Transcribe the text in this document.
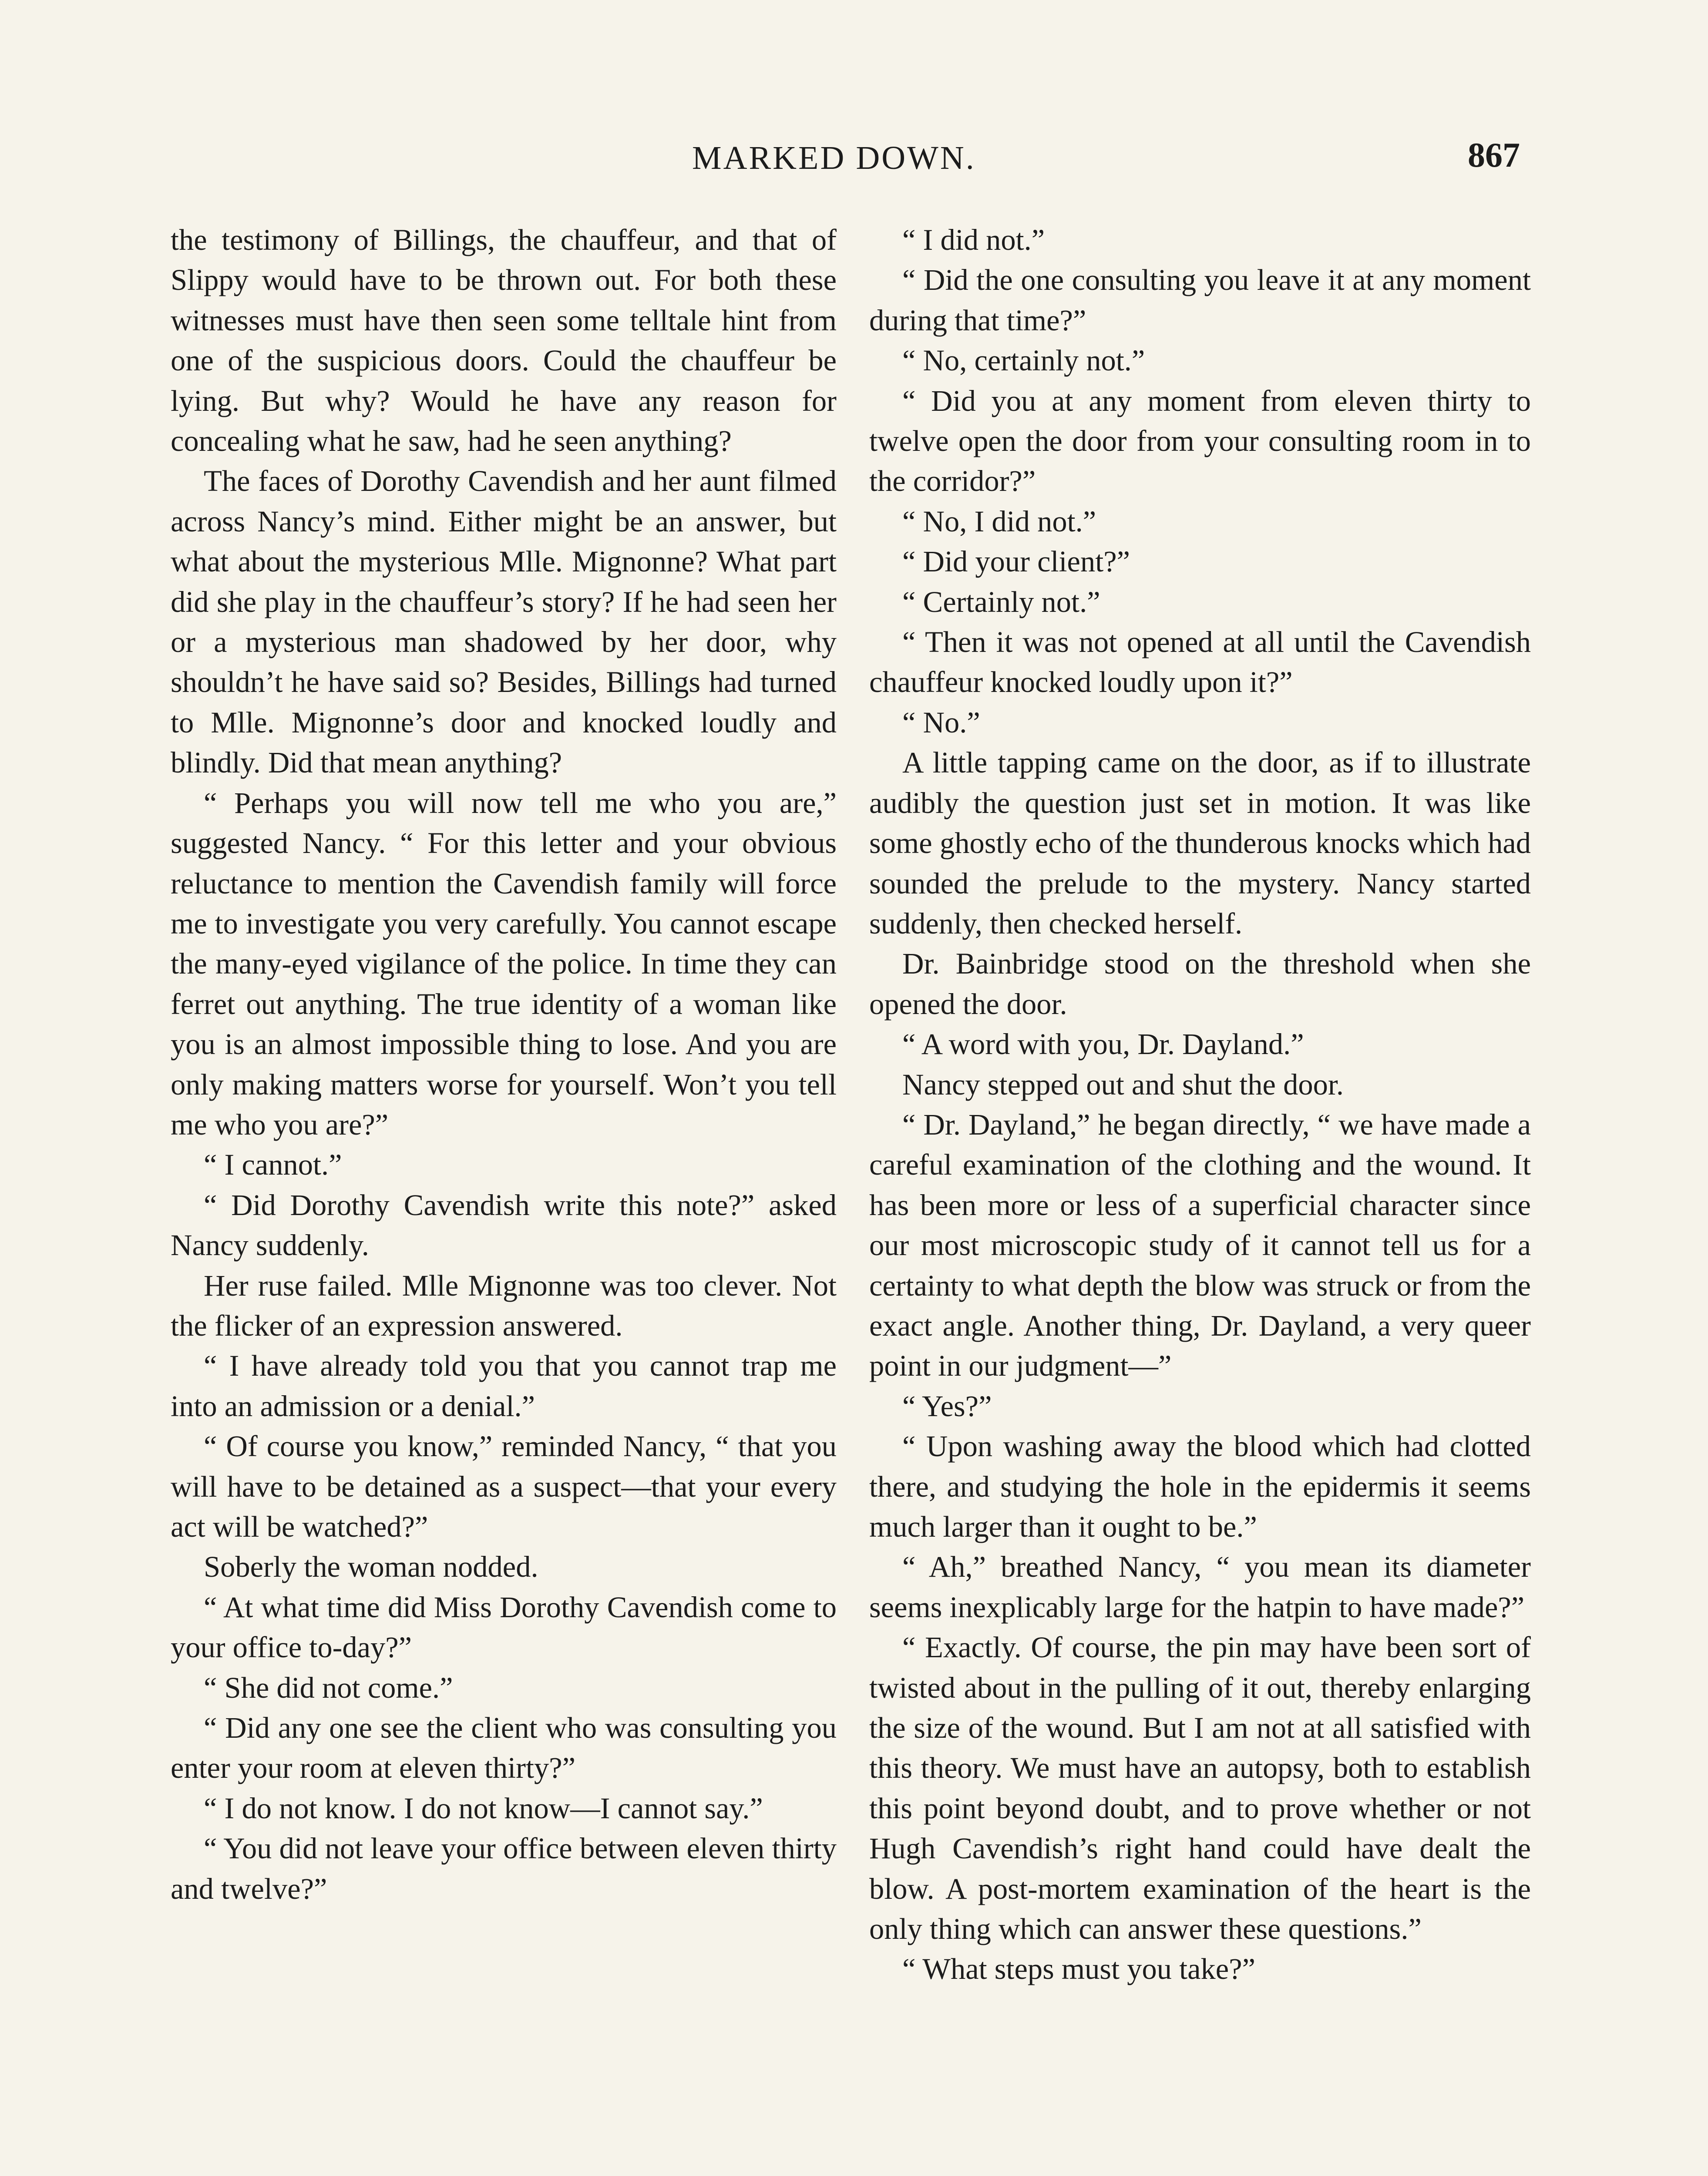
MARKED DOWN.	867

the testimony of Billings, the chauffeur, and that of Slippy would have to be thrown out. For both these witnesses must have then seen some telltale hint from one of the suspicious doors. Could the chauffeur be lying. But why? Would he have any reason for concealing what he saw, had he seen anything?

The faces of Dorothy Cavendish and her aunt filmed across Nancy’s mind. Either might be an answer, but what about the mysterious Mlle. Mignonne? What part did she play in the chauffeur’s story? If he had seen her or a mysterious man shadowed by her door, why shouldn’t he have said so? Besides, Billings had turned to Mlle. Mignonne’s door and knocked loudly and blindly. Did that mean anything?

“ Perhaps you will now tell me who you are,” suggested Nancy. “ For this letter and your obvious reluctance to mention the Cavendish family will force me to investigate you very carefully. You cannot escape the many-eyed vigilance of the police. In time they can ferret out anything. The true identity of a woman like you is an almost impossible thing to lose. And you are only making matters worse for yourself. Won’t you tell me who you are?”

“ I cannot.”

“ Did Dorothy Cavendish write this note?” asked Nancy suddenly.

Her ruse failed. Mlle Mignonne was too clever. Not the flicker of an expression answered.

“ I have already told you that you cannot trap me into an admission or a denial.”

“ Of course you know,” reminded Nancy, “ that you will have to be detained as a suspect—that your every act will be watched?”

Soberly the woman nodded.

“ At what time did Miss Dorothy Cavendish come to your office to-day?”

“ She did not come.”

“ Did any one see the client who was consulting you enter your room at eleven thirty?”

“ I do not know. I do not know—I cannot say.”

“ You did not leave your office between eleven thirty and twelve?”

“ I did not.”

“ Did the one consulting you leave it at any moment during that time?”

“ No, certainly not.”

“ Did you at any moment from eleven thirty to twelve open the door from your consulting room in to the corridor?”

“ No, I did not.”

“ Did your client?”

“ Certainly not.”

“ Then it was not opened at all until the Cavendish chauffeur knocked loudly upon it?”

“ No.”

A little tapping came on the door, as if to illustrate audibly the question just set in motion. It was like some ghostly echo of the thunderous knocks which had sounded the prelude to the mystery. Nancy started suddenly, then checked herself.

Dr. Bainbridge stood on the threshold when she opened the door.

“ A word with you, Dr. Dayland.”

Nancy stepped out and shut the door.

“ Dr. Dayland,” he began directly, “ we have made a careful examination of the clothing and the wound. It has been more or less of a superficial character since our most microscopic study of it cannot tell us for a certainty to what depth the blow was struck or from the exact angle. Another thing, Dr. Dayland, a very queer point in our judgment—”

“ Yes?”

“ Upon washing away the blood which had clotted there, and studying the hole in the epidermis it seems much larger than it ought to be.”

“ Ah,” breathed Nancy, “ you mean its diameter seems inexplicably large for the hatpin to have made?”

“ Exactly. Of course, the pin may have been sort of twisted about in the pulling of it out, thereby enlarging the size of the wound. But I am not at all satisfied with this theory. We must have an autopsy, both to establish this point beyond doubt, and to prove whether or not Hugh Cavendish’s right hand could have dealt the blow. A post-mortem examination of the heart is the only thing which can answer these questions.”

“ What steps must you take?”
